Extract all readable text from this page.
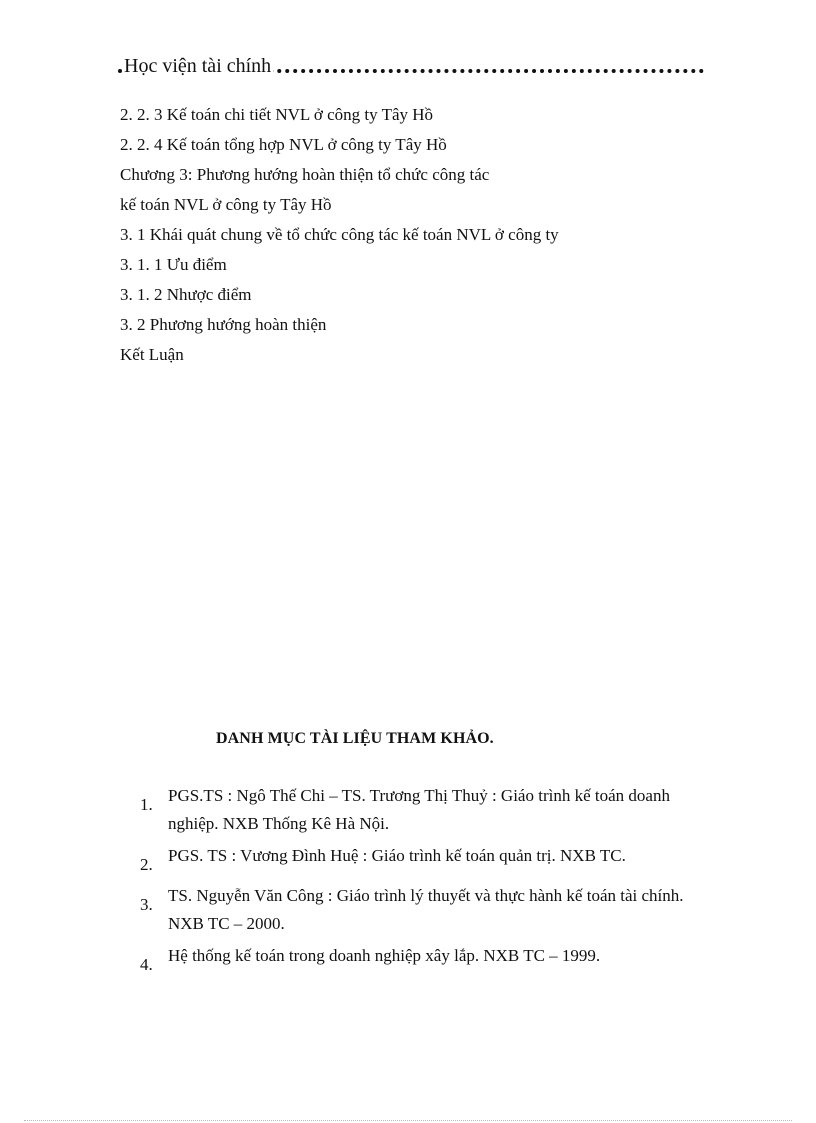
Học viện tài chính
2. 2. 3 Kế toán chi tiết NVL ở công ty Tây Hồ
2. 2. 4 Kế toán tổng hợp NVL ở công ty Tây Hồ
Chương 3: Phương hướng hoàn thiện tổ chức công tác
kế toán NVL ở công ty Tây Hồ
3. 1 Khái quát chung về tổ chức công tác kế toán NVL ở công ty
3. 1. 1 Ưu điểm
3. 1. 2 Nhược điểm
3. 2 Phương hướng hoàn thiện
Kết Luận
DANH MỤC TÀI LIỆU THAM KHẢO.
1. PGS.TS : Ngô Thế Chi – TS. Trương Thị Thuỷ : Giáo trình kế toán doanh nghiệp. NXB Thống Kê Hà Nội.
2. PGS. TS : Vương Đình Huệ : Giáo trình kế toán quản trị. NXB TC.
3. TS. Nguyễn Văn Công : Giáo trình lý thuyết và thực hành kế toán tài chính. NXB TC – 2000.
4. Hệ thống kế toán trong doanh nghiệp xây lắp. NXB TC – 1999.
